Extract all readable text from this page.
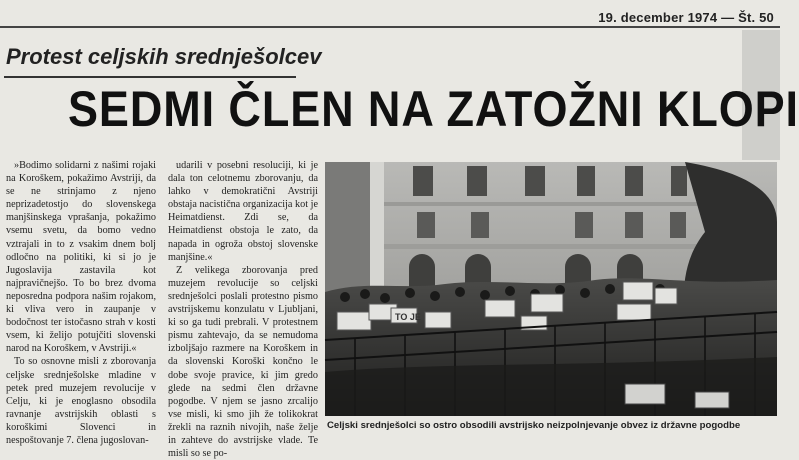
19. december 1974 — Št. 50
Protest celjskih srednješolcev
SEDMI ČLEN NA ZATOŽNI KLOPI

»Bodimo solidarni z našimi rojaki na Koroškem, pokažimo Avstriji, da se ne strinjamo z njeno neprizadetostjo do slovenskega manjšinskega vprašanja, pokažimo vsemu svetu, da bomo vedno vztrajali in to z vsakim dnem bolj odločno na politiki, ki si jo je Jugoslavija zastavila kot najpravičnejšo. To bo brez dvoma neposredna podpora našim rojakom, ki vliva vero in zaupanje v bodočnost ter istočasno strah v kosti vsem, ki želijo potujčiti slovenski narod na Koroškem, v Avstriji.«

To so osnovne misli z zborovanja celjske srednješolske mladine v petek pred muzejem revolucije v Celju, ki je enoglasno obsodila ravnanje avstrijskih oblasti s koroškimi Slovenci in nespoštovanje 7. člena jugoslovan-

udarili v posebni resoluciji, ki je dala ton celotnemu zborovanju, da lahko v demokratični Avstriji obstaja nacistična organizacija kot je Heimatdienst. Zdi se, da Heimatdienst obstoja le zato, da napada in ogroža obstoj slovenske manjšine.«

Z velikega zborovanja pred muzejem revolucije so celjski srednješolci poslali protestno pismo avstrijskemu konzulatu v Ljubljani, ki so ga tudi prebrali. V protestnem pismu zahtevajo, da se nemudoma izboljšajo razmere na Koroškem in da slovenski Koroški končno le dobe svoje pravice, ki jim gredo glede na sedmi člen državne pogodbe. V njem se jasno zrcalijo vse misli, ki smo jih že tolikokrat žrekli na raznih nivojih, naše želje in zahteve do avstrijske vlade. Te misli so se po-

TO JE
Celjski srednješolci so ostro obsodili avstrijsko neizpolnjevanje obvez iz državne pogodbe
